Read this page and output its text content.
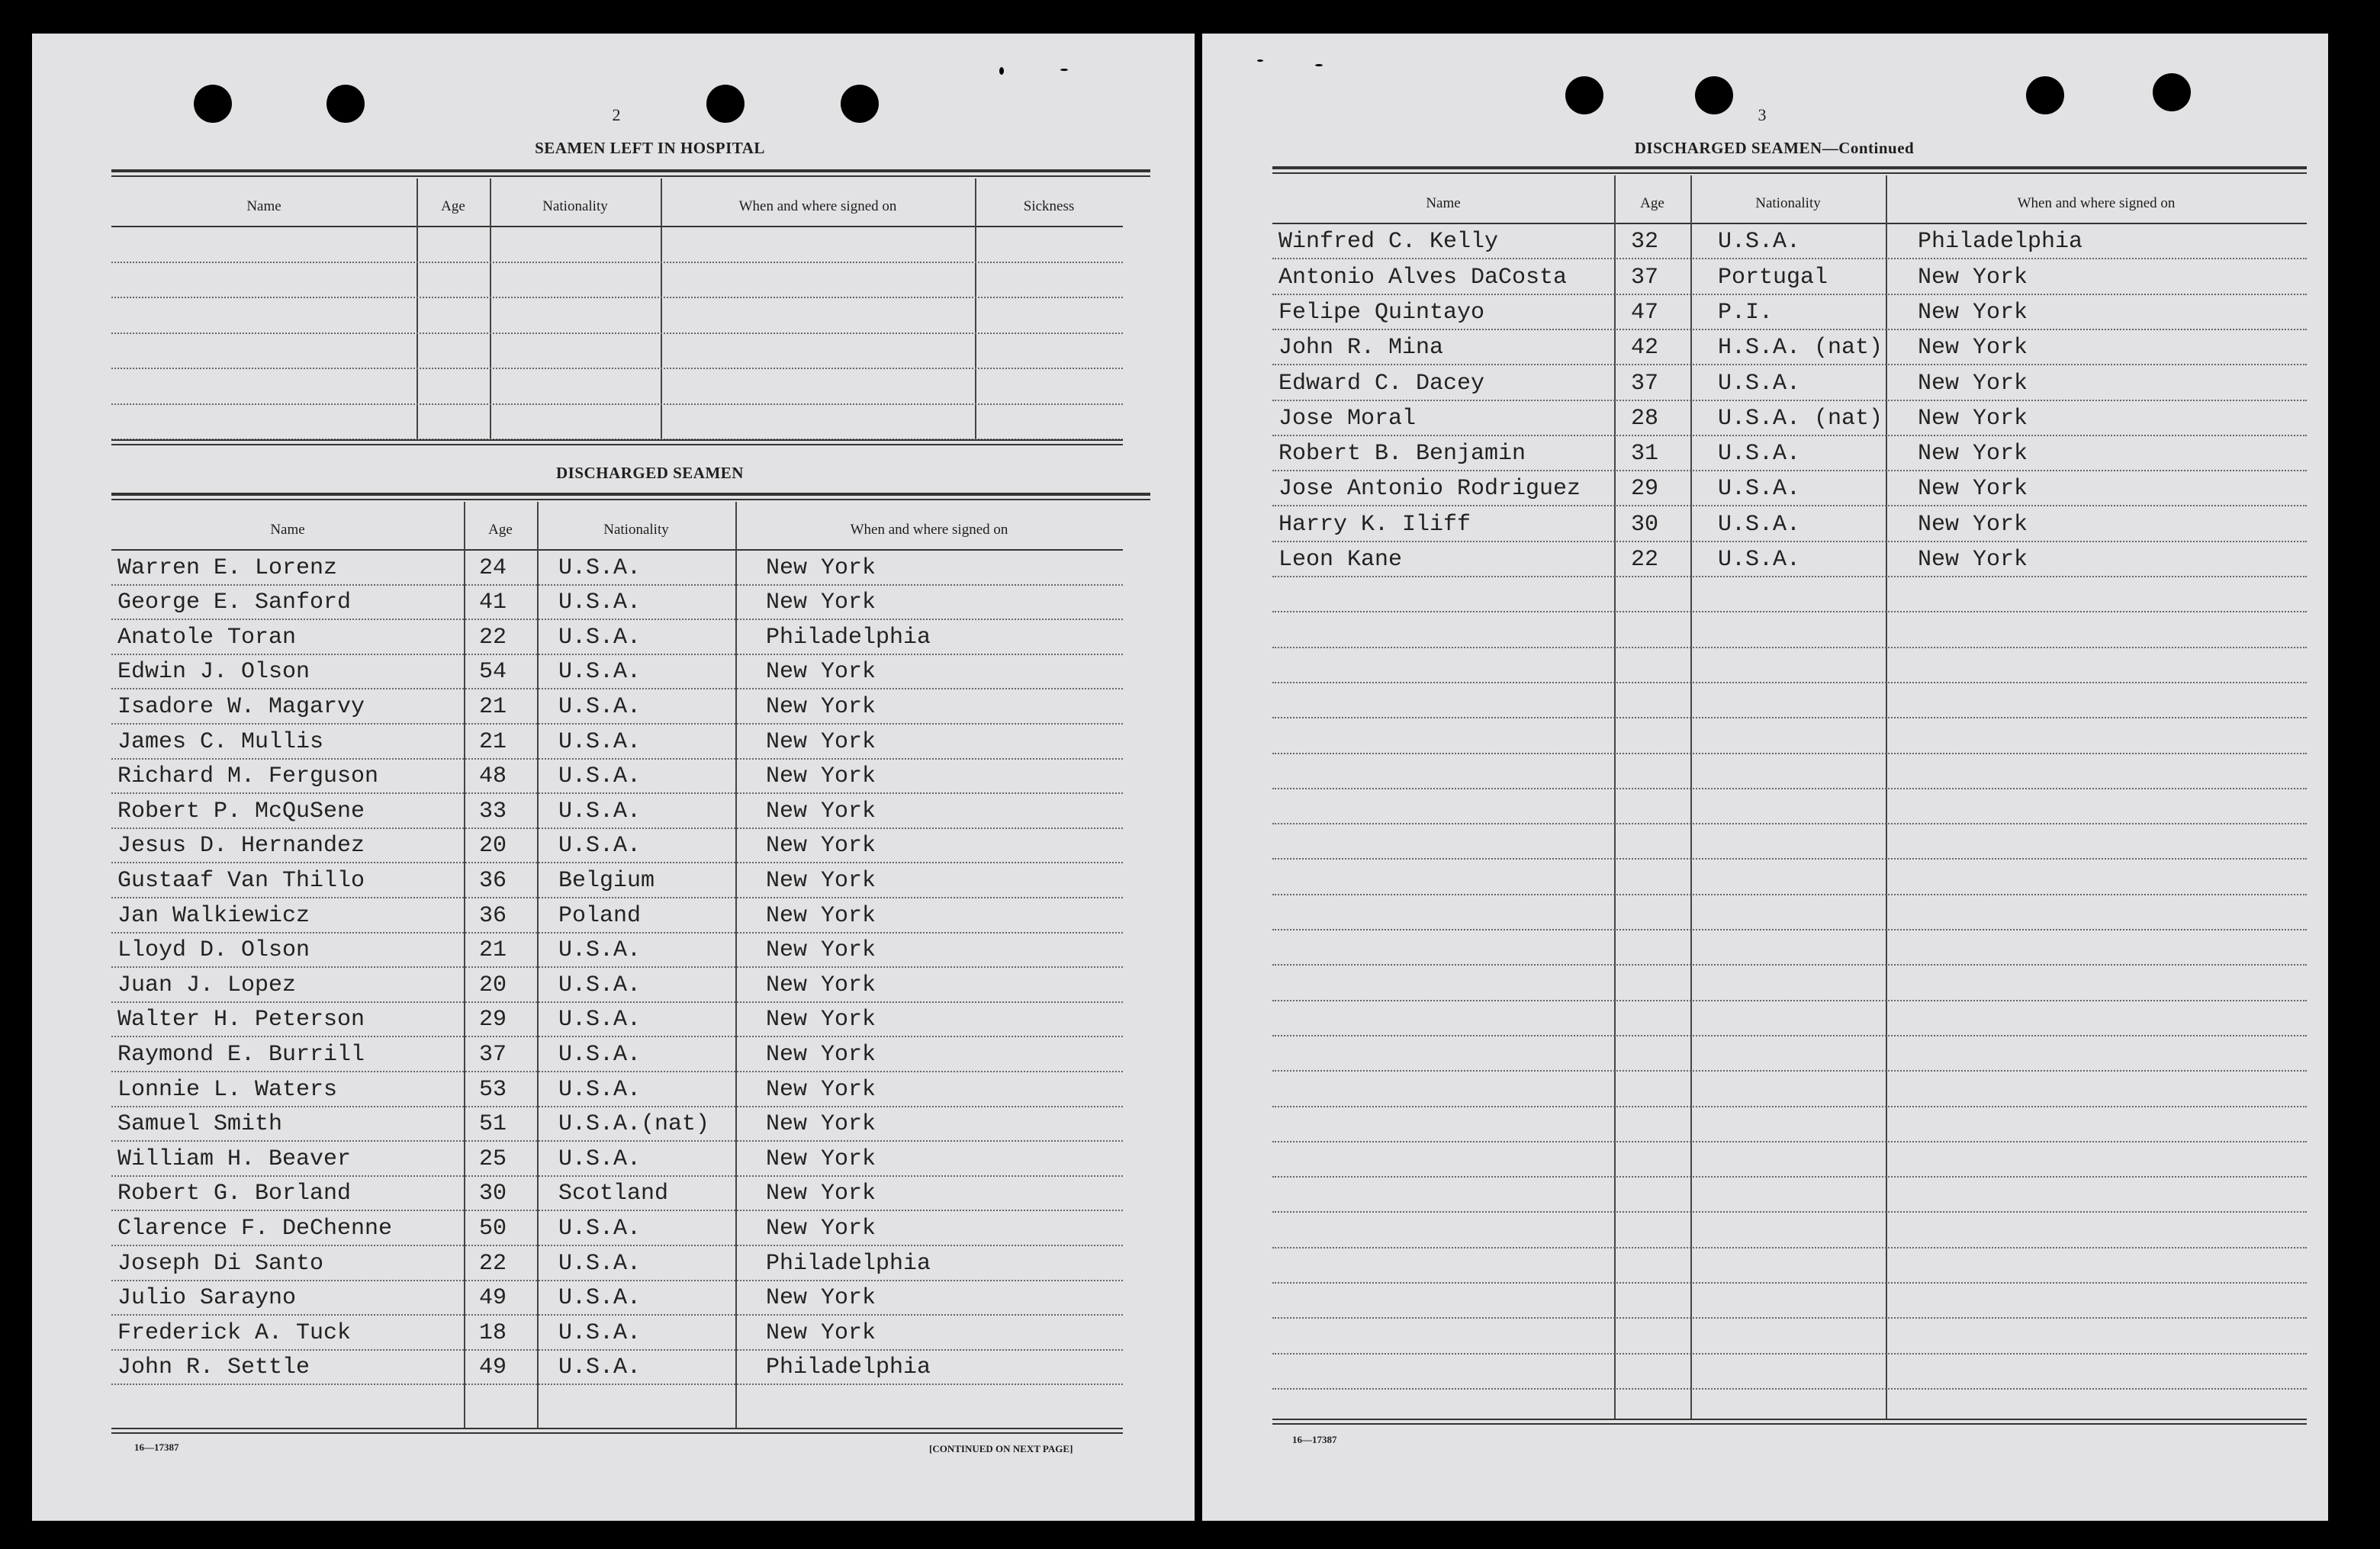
2
SEAMEN LEFT IN HOSPITAL
Name	Age	Nationality	When and where signed on	Sickness
DISCHARGED SEAMEN
Name	Age	Nationality	When and where signed on
Warren E. Lorenz	24 U.S.A.	New York
George E. Sanford	41 U.S.A.	New York
Anatole Toran	22 U.S.A.	Philadelphia
Edwin J. Olson	54 U.S.A.	New York
Isadore W. Magarvy	21 U.S.A.	New York
James C. Mullis	21 U.S.A.	New York
Richard M. Ferguson	48 U.S.A.	New York
Robert P. McQuSene	33 U.S.A.	New York
Jesus D. Hernandez	20 U.S.A.	New York
Gustaaf Van Thillo	36 Belgium	New York
Jan Walkiewicz	36 Poland	New York
Lloyd D. Olson	21 U.S.A.	New York
Juan J. Lopez	20 U.S.A.	New York
Walter H. Peterson	29 U.S.A.	New York
Raymond E. Burrill	37 U.S.A.	New York
Lonnie L. Waters	53 U.S.A.	New York
Samuel Smith	51 U.S.A.(nat) New York
William H. Beaver	25 U.S.A.	New York
Robert G. Borland	30 Scotland	New York
Clarence F. DeChenne	50 U.S.A.	New York
Joseph Di Santo	22 U.S.A.	Philadelphia
Julio Sarayno	49 U.S.A.	New York
Frederick A. Tuck	18 U.S.A.	New York
John R. Settle	49 U.S.A.	Philadelphia
16—17387	[CONTINUED ON NEXT PAGE]
3
DISCHARGED SEAMEN—Continued
Name	Age	Nationality	When and where signed on
Winfred C. Kelly	32	U.S.A.	Philadelphia
Antonio Alves DaCosta	37	Portugal	New York
Felipe Quintayo	47	P.I.	New York
John R. Mina	42	H.S.A. (nat) New York
Edward C. Dacey	37	U.S.A.	New York
Jose Moral	28	U.S.A. (nat) New York
Robert B. Benjamin	31	U.S.A.	New York
Jose Antonio Rodriguez 29	U.S.A.	New York
Harry K. Iliff	30	U.S.A.	New York
Leon Kane	22	U.S.A.	New York
16—17387
